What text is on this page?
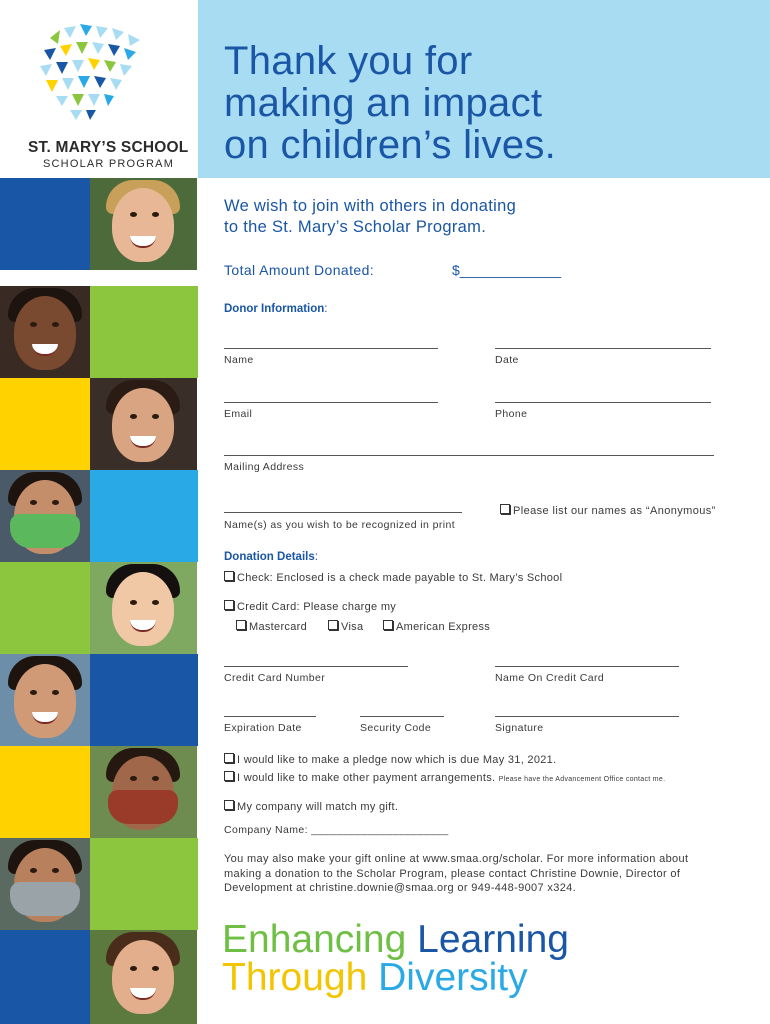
ST. MARY’S SCHOOL
SCHOLAR PROGRAM
Thank you for
making an impact
on children’s lives.
We wish to join with others in donating
to the St. Mary’s Scholar Program.
Total Amount Donated:	$_____________
Donor Information:
Name	Date
Email	Phone
Mailing Address
Name(s) as you wish to be recognized in print
Please list our names as “Anonymous”
Donation Details:
Check: Enclosed is a check made payable to St. Mary’s School
Credit Card: Please charge my
Mastercard	Visa	American Express
Credit Card Number	Name On Credit Card
Expiration Date	Security Code	Signature
I would like to make a pledge now which is due May 31, 2021.
I would like to make other payment arrangements. Please have the Advancement Office contact me.
My company will match my gift.
Company Name: ______________________
You may also make your gift online at www.smaa.org/scholar. For more information about
making a donation to the Scholar Program, please contact Christine Downie, Director of
Development at christine.downie@smaa.org or 949-448-9007 x324.
Enhancing Learning
Through Diversity
